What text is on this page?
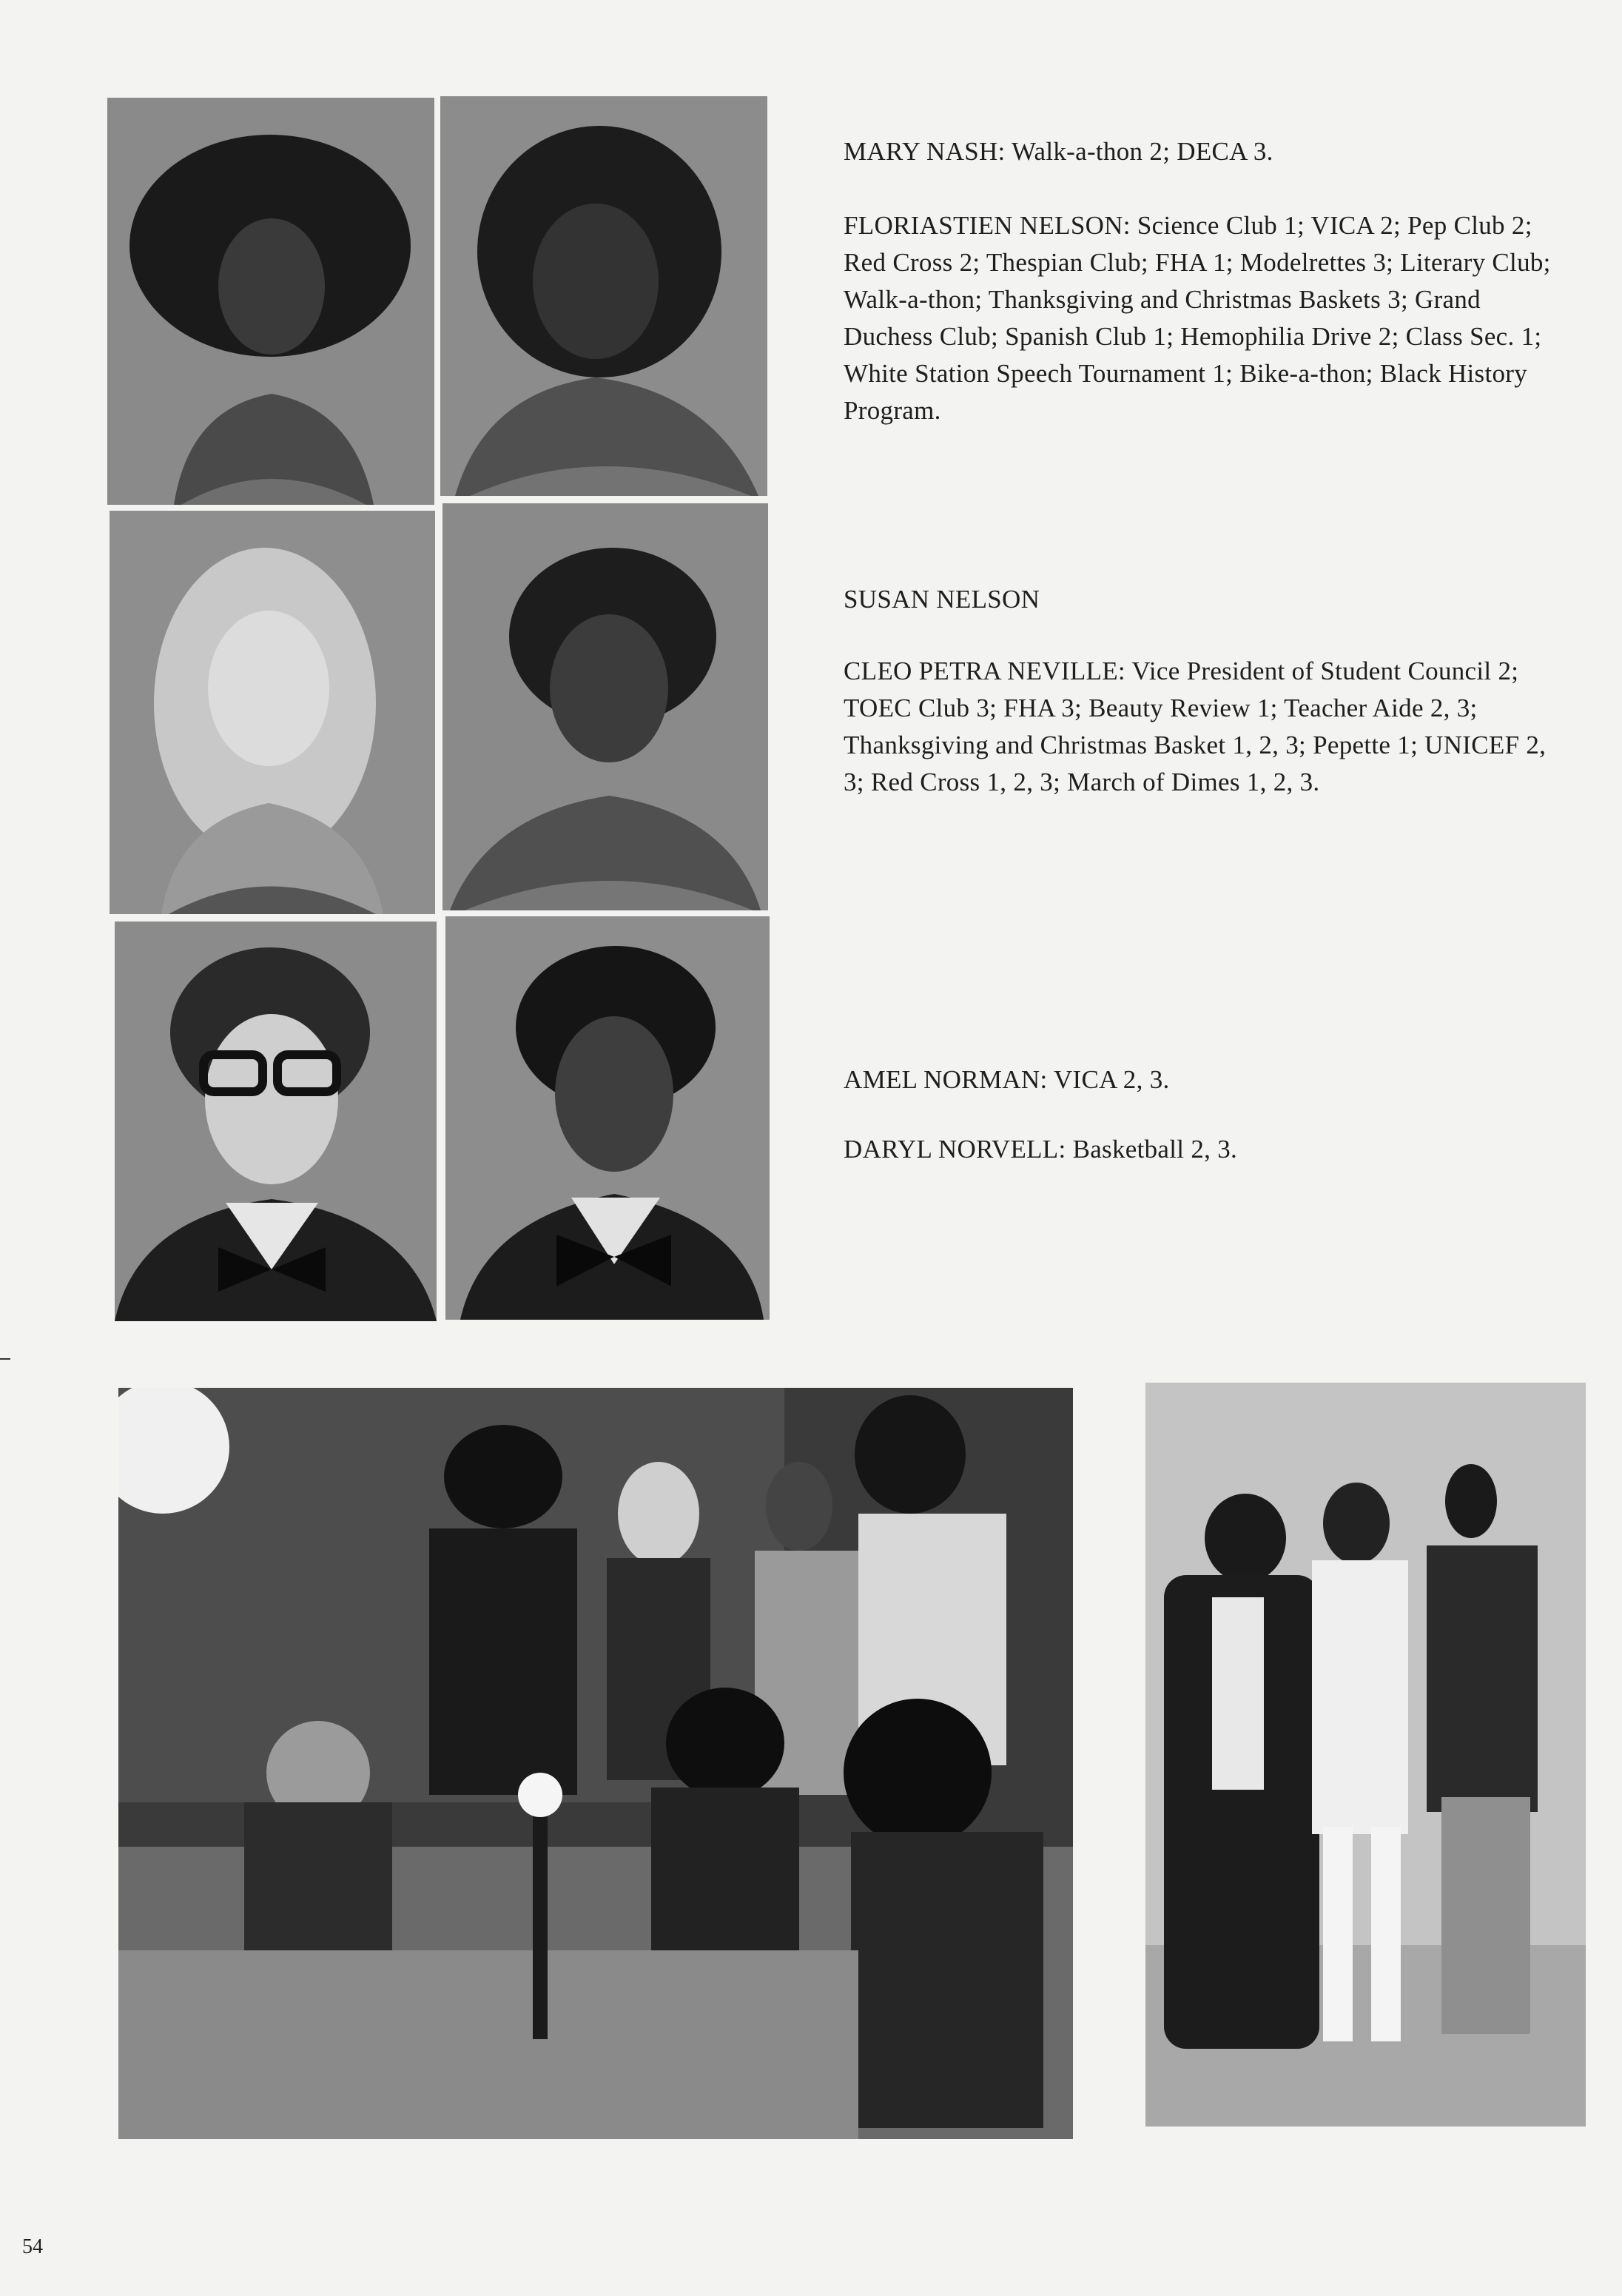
MARY NASH: Walk-a-thon 2; DECA 3.
FLORIASTIEN NELSON: Science Club 1; VICA 2; Pep Club 2; Red Cross 2; Thespian Club; FHA 1; Modelrettes 3; Literary Club; Walk-a-thon; Thanksgiving and Christmas Baskets 3; Grand Duchess Club; Spanish Club 1; Hemophilia Drive 2; Class Sec. 1; White Station Speech Tournament 1; Bike-a-thon; Black History Program.
SUSAN NELSON
CLEO PETRA NEVILLE: Vice President of Student Council 2; TOEC Club 3; FHA 3; Beauty Review 1; Teacher Aide 2, 3; Thanksgiving and Christmas Basket 1, 2, 3; Pepette 1; UNICEF 2, 3; Red Cross 1, 2, 3; March of Dimes 1, 2, 3.
AMEL NORMAN: VICA 2, 3.
DARYL NORVELL: Basketball 2, 3.
54
